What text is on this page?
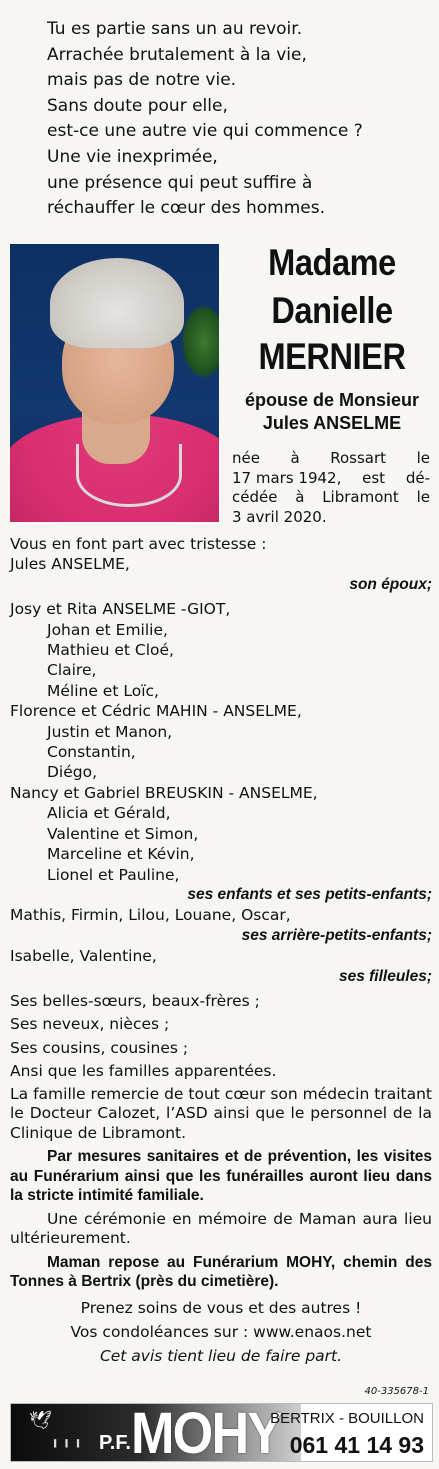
Tu es partie sans un au revoir.
Arrachée brutalement à la vie,
mais pas de notre vie.
Sans doute pour elle,
est-ce une autre vie qui commence ?
Une vie inexprimée,
une présence qui peut suffire à
réchauffer le cœur des hommes.
Madame
Danielle
MERNIER
épouse de Monsieur
Jules ANSELME
née à Rossart le
17 mars 1942, est dé-
cédée à Libramont le
3 avril 2020.
Vous en font part avec tristesse :
Jules ANSELME,
son époux;
Josy et Rita ANSELME -GIOT,
Johan et Emilie,
Mathieu et Cloé,
Claire,
Méline et Loïc,
Florence et Cédric MAHIN - ANSELME,
Justin et Manon,
Constantin,
Diégo,
Nancy et Gabriel BREUSKIN - ANSELME,
Alicia et Gérald,
Valentine et Simon,
Marceline et Kévin,
Lionel et Pauline,
ses enfants et ses petits-enfants;
Mathis, Firmin, Lilou, Louane, Oscar,
ses arrière-petits-enfants;
Isabelle, Valentine,
ses filleules;
Ses belles-sœurs, beaux-frères ;
Ses neveux, nièces ;
Ses cousins, cousines ;
Ansi que les familles apparentées.
La famille remercie de tout cœur son médecin traitant le Docteur Calozet, l’ASD ainsi que le personnel de la Clinique de Libramont.
Par mesures sanitaires et de prévention, les visites au Funérarium ainsi que les funérailles auront lieu dans la stricte intimité familiale.
Une cérémonie en mémoire de Maman aura lieu ultérieurement.
Maman repose au Funérarium MOHY, chemin des Tonnes à Bertrix (près du cimetière).
Prenez soins de vous et des autres !
Vos condoléances sur : www.enaos.net
Cet avis tient lieu de faire part.
40-335678-1
🕊
╻╻╻ P.F. MOHY
BERTRIX - BOUILLON
061 41 14 93
